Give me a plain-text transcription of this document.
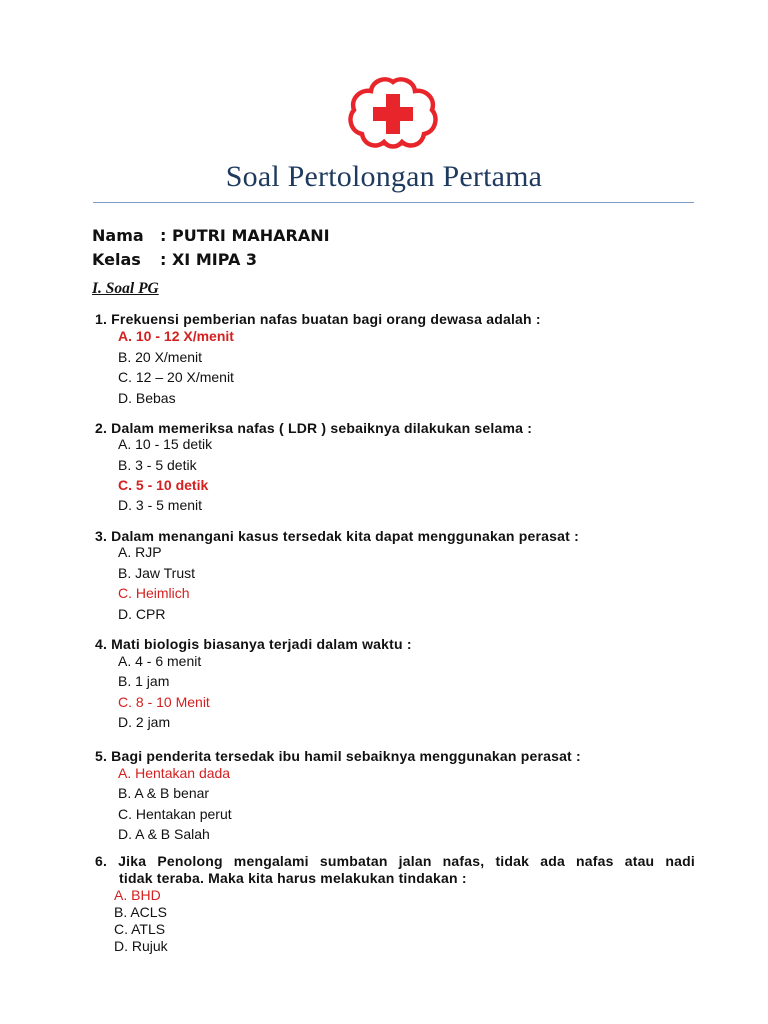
Soal Pertolongan Pertama
Nama : PUTRI MAHARANI
Kelas : XI MIPA 3
I. Soal PG
1. Frekuensi pemberian nafas buatan bagi orang dewasa adalah :
A. 10 - 12 X/menit
B. 20 X/menit
C. 12 – 20 X/menit
D. Bebas
2. Dalam memeriksa nafas ( LDR ) sebaiknya dilakukan selama :
A. 10 - 15 detik
B. 3 - 5 detik
C. 5 - 10 detik
D. 3 - 5 menit
3. Dalam menangani kasus tersedak kita dapat menggunakan perasat :
A. RJP
B. Jaw Trust
C. Heimlich
D. CPR
4. Mati biologis biasanya terjadi dalam waktu :
A. 4 - 6 menit
B. 1 jam
C. 8 - 10 Menit
D. 2 jam
5. Bagi penderita tersedak ibu hamil sebaiknya menggunakan perasat :
A. Hentakan dada
B. A & B benar
C. Hentakan perut
D. A & B Salah
6. Jika Penolong mengalami sumbatan jalan nafas, tidak ada nafas atau nadi
tidak teraba. Maka kita harus melakukan tindakan :
A. BHD
B. ACLS
C. ATLS
D. Rujuk
